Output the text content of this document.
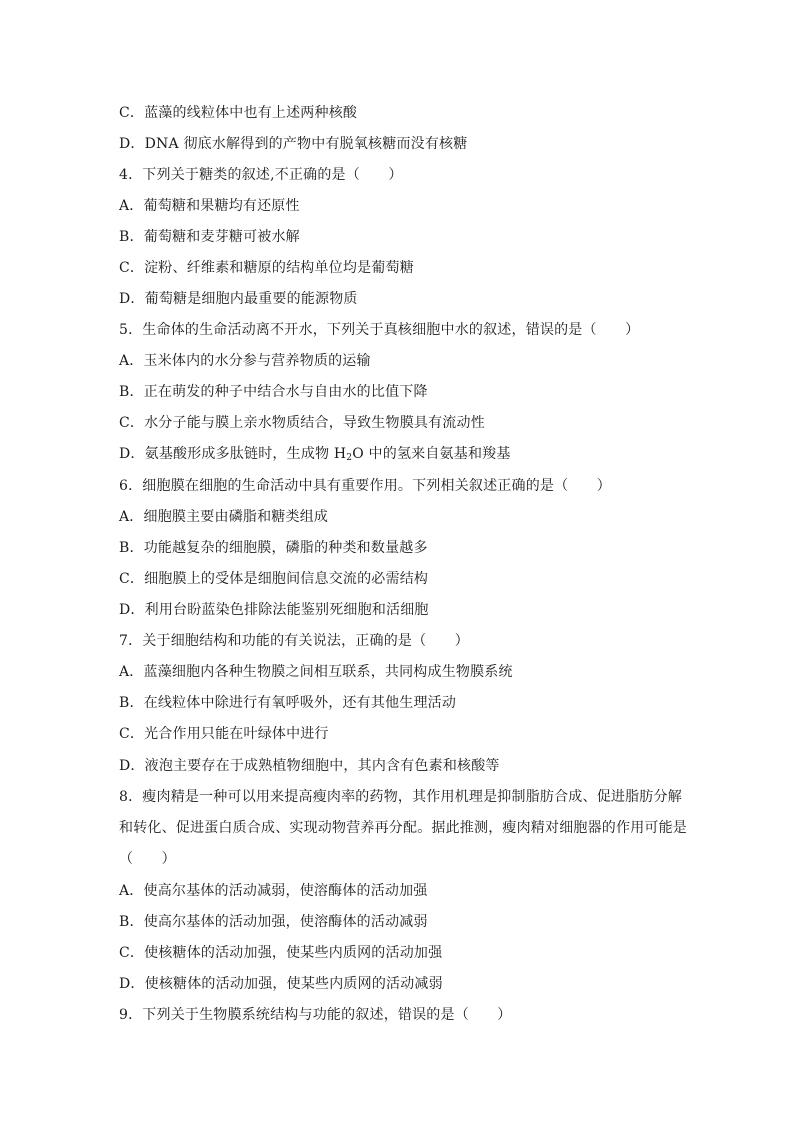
C．蓝藻的线粒体中也有上述两种核酸
D．DNA 彻底水解得到的产物中有脱氧核糖而没有核糖
4．下列关于糖类的叙述,不正确的是（　　）
A．葡萄糖和果糖均有还原性
B．葡萄糖和麦芽糖可被水解
C．淀粉、纤维素和糖原的结构单位均是葡萄糖
D．葡萄糖是细胞内最重要的能源物质
5．生命体的生命活动离不开水，下列关于真核细胞中水的叙述，错误的是（　　）
A．玉米体内的水分参与营养物质的运输
B．正在萌发的种子中结合水与自由水的比值下降
C．水分子能与膜上亲水物质结合，导致生物膜具有流动性
D．氨基酸形成多肽链时，生成物 $H_2O$ 中的氢来自氨基和羧基
6．细胞膜在细胞的生命活动中具有重要作用。下列相关叙述正确的是（　　）
A．细胞膜主要由磷脂和糖类组成
B．功能越复杂的细胞膜，磷脂的种类和数量越多
C．细胞膜上的受体是细胞间信息交流的必需结构
D．利用台盼蓝染色排除法能鉴别死细胞和活细胞
7．关于细胞结构和功能的有关说法，正确的是（　　）
A．蓝藻细胞内各种生物膜之间相互联系，共同构成生物膜系统
B．在线粒体中除进行有氧呼吸外，还有其他生理活动
C．光合作用只能在叶绿体中进行
D．液泡主要存在于成熟植物细胞中，其内含有色素和核酸等
8．瘦肉精是一种可以用来提高瘦肉率的药物，其作用机理是抑制脂肪合成、促进脂肪分解
和转化、促进蛋白质合成、实现动物营养再分配。据此推测，瘦肉精对细胞器的作用可能是
（　　）
A．使高尔基体的活动减弱，使溶酶体的活动加强
B．使高尔基体的活动加强，使溶酶体的活动减弱
C．使核糖体的活动加强，使某些内质网的活动加强
D．使核糖体的活动加强，使某些内质网的活动减弱
9．下列关于生物膜系统结构与功能的叙述，错误的是（　　）
